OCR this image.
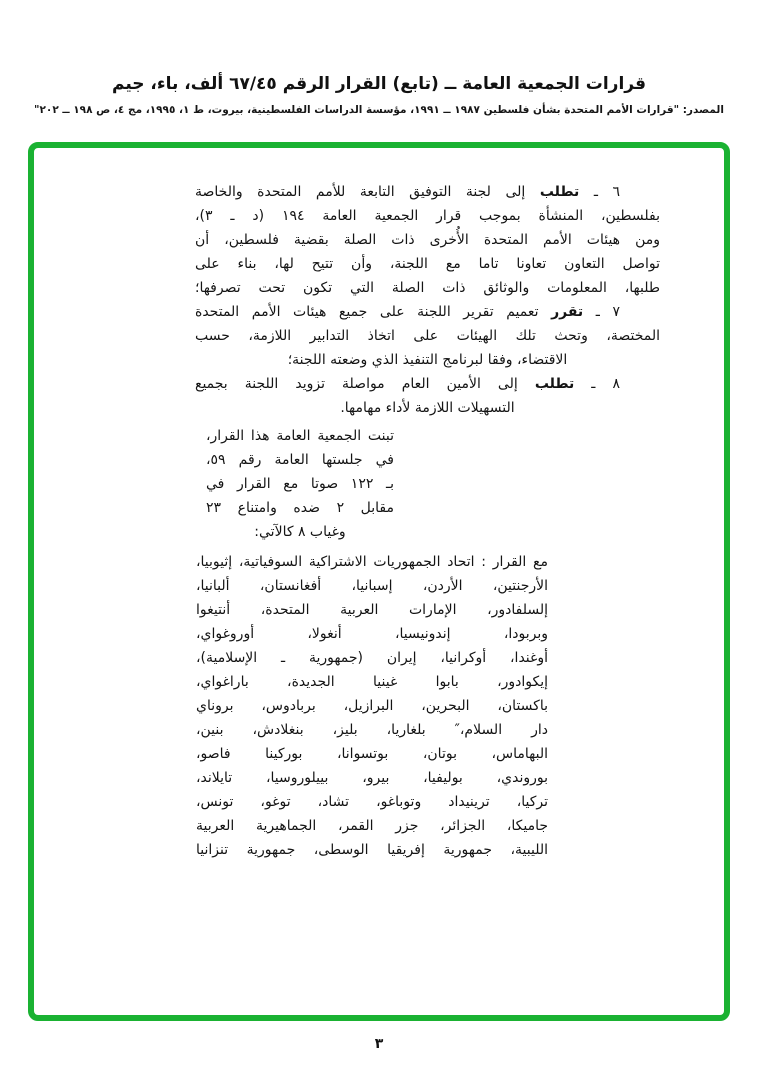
قرارات الجمعية العامة ــ (تابع) القرار الرقم ٦٧/٤٥ ألف، باء، جيم
المصدر: "قرارات الأمم المتحدة بشأن فلسطين ١٩٨٧ ــ ١٩٩١، مؤسسة الدراسات الفلسطينية، بيروت، ط ١، ١٩٩٥، مج ٤، ص ١٩٨ ــ ٢٠٢"
٦ ـ تطلب إلى لجنة التوفيق التابعة للأمم المتحدة والخاصة
بفلسطين، المنشأة بموجب قرار الجمعية العامة ١٩٤ (د ـ ٣)،
ومن هيئات الأمم المتحدة الأُخرى ذات الصلة بقضية فلسطين، أن
تواصل التعاون تعاونا تاما مع اللجنة، وأن تتيح لها، بناء على
طلبها، المعلومات والوثائق ذات الصلة التي تكون تحت تصرفها؛
٧ ـ تقرر تعميم تقرير اللجنة على جميع هيئات الأمم المتحدة
المختصة، وتحث تلك الهيئات على اتخاذ التدابير اللازمة، حسب
الاقتضاء، وفقا لبرنامج التنفيذ الذي وضعته اللجنة؛
٨ ـ تطلب إلى الأمين العام مواصلة تزويد اللجنة بجميع
التسهيلات اللازمة لأداء مهامها.
تبنت الجمعية العامة هذا القرار،
في جلستها العامة رقم ٥٩،
بـ ١٢٢ صوتا مع القرار في
مقابل ٢ ضده وامتناع ٢٣
وغياب ٨ كالآتي:
مع القرار : اتحاد الجمهوريات الاشتراكية السوفياتية، إثيوبيا،
الأرجنتين، الأردن، إسبانيا، أفغانستان، ألبانيا،
إلسلفادور، الإمارات العربية المتحدة، أنتيغوا
وبربودا، إندونيسيا، أنغولا، أوروغواي،
أوغندا، أوكرانيا، إيران (جمهورية ـ الإسلامية)،
إيكوادور، بابوا غينيا الجديدة، باراغواي،
باكستان، البحرين، البرازيل، بربادوس، بروناي
دار السلام،″ بلغاريا، بليز، بنغلادش، بنين،
البهاماس، بوتان، بوتسوانا، بوركينا فاصو،
بوروندي، بوليفيا، بيرو، بييلوروسيا، تايلاند،
تركيا، ترينيداد وتوباغو، تشاد، توغو، تونس،
جاميكا، الجزائر، جزر القمر، الجماهيرية العربية
الليبية، جمهورية إفريقيا الوسطى، جمهورية تنزانيا
٣
